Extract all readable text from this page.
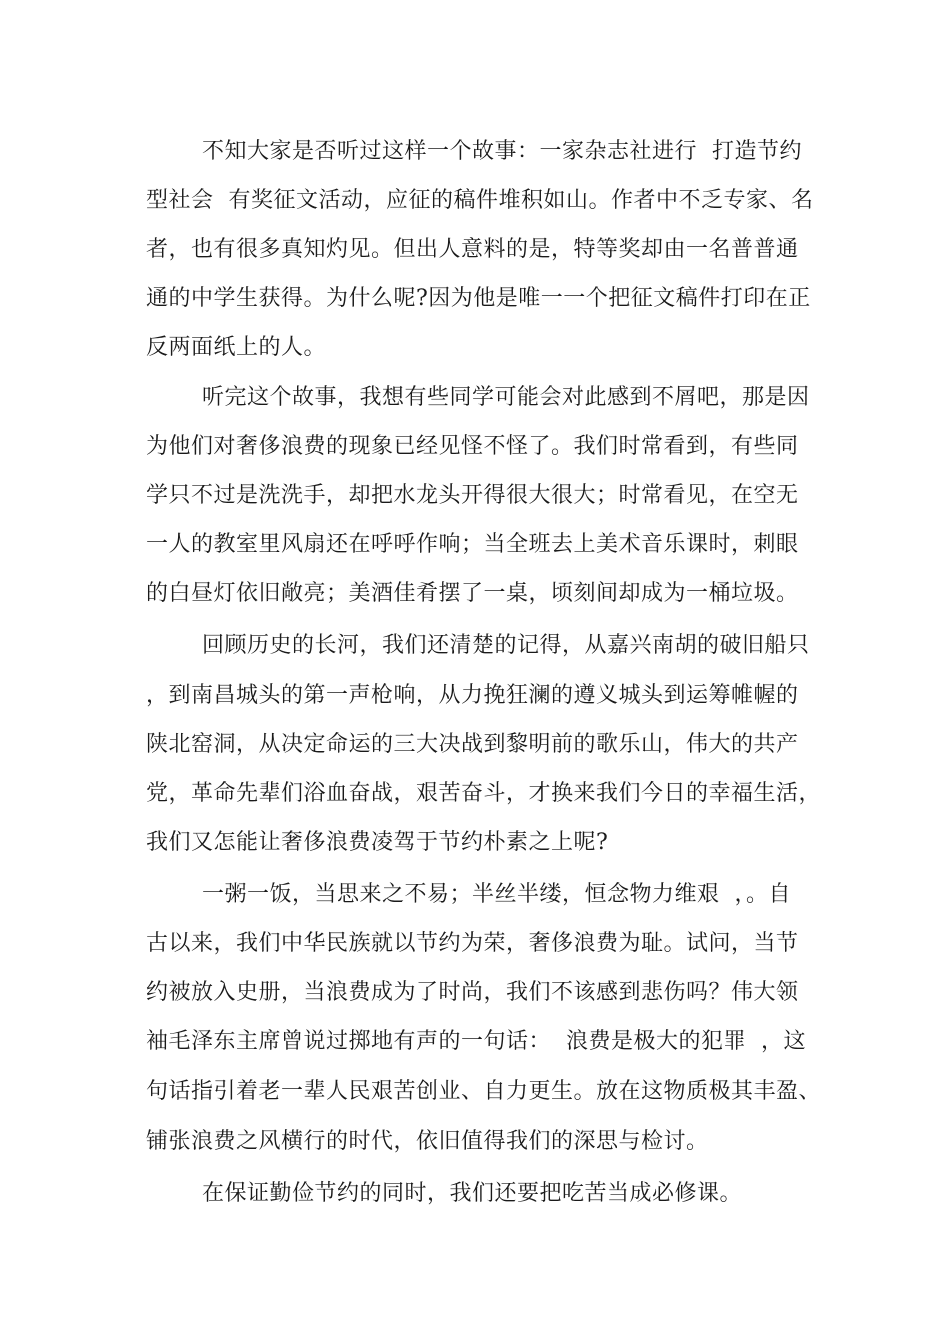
不知大家是否听过这样一个故事：一家杂志社进行  打造节约
型社会  有奖征文活动，应征的稿件堆积如山。作者中不乏专家、名
者，也有很多真知灼见。但出人意料的是，特等奖却由一名普普通
通的中学生获得。为什么呢?因为他是唯一一个把征文稿件打印在正
反两面纸上的人。
听完这个故事，我想有些同学可能会对此感到不屑吧，那是因
为他们对奢侈浪费的现象已经见怪不怪了。我们时常看到，有些同
学只不过是洗洗手，却把水龙头开得很大很大；时常看见，在空无
一人的教室里风扇还在呼呼作响；当全班去上美术音乐课时，刺眼
的白昼灯依旧敞亮；美酒佳肴摆了一桌，顷刻间却成为一桶垃圾。
回顾历史的长河，我们还清楚的记得，从嘉兴南胡的破旧船只
，到南昌城头的第一声枪响，从力挽狂澜的遵义城头到运筹帷幄的
陕北窑洞，从决定命运的三大决战到黎明前的歌乐山，伟大的共产
党，革命先辈们浴血奋战，艰苦奋斗，才换来我们今日的幸福生活，
我们又怎能让奢侈浪费凌驾于节约朴素之上呢?
一粥一饭，当思来之不易；半丝半缕，恒念物力维艰  ，。自
古以来，我们中华民族就以节约为荣，奢侈浪费为耻。试问，当节
约被放入史册，当浪费成为了时尚，我们不该感到悲伤吗？伟大领
袖毛泽东主席曾说过掷地有声的一句话：  浪费是极大的犯罪  ，这
句话指引着老一辈人民艰苦创业、自力更生。放在这物质极其丰盈、
铺张浪费之风横行的时代，依旧值得我们的深思与检讨。
在保证勤俭节约的同时，我们还要把吃苦当成必修课。
